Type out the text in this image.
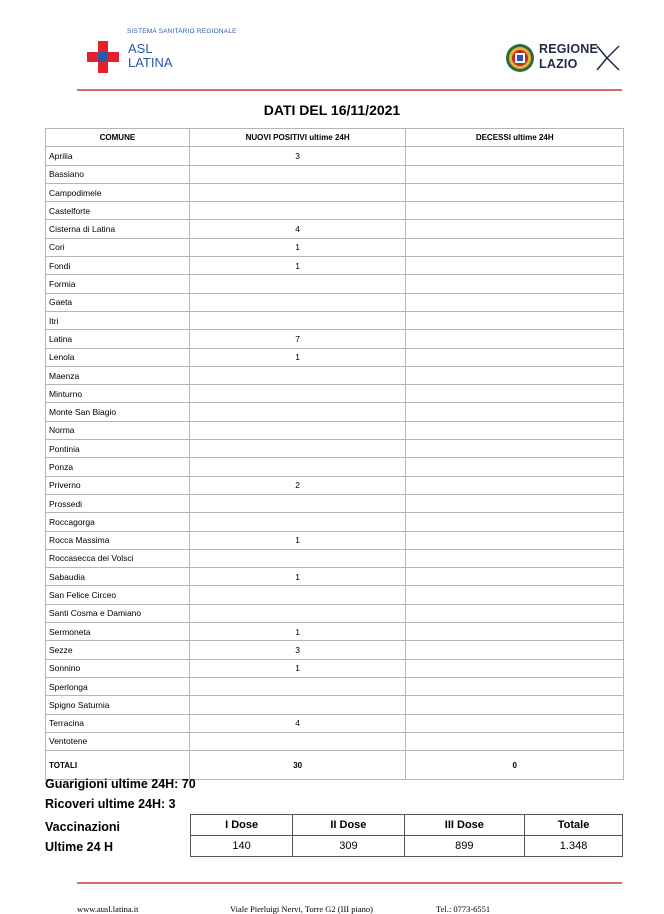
SISTEMA SANITARIO REGIONALE
ASL
LATINA
REGIONE
LAZIO
DATI DEL 16/11/2021
COMUNE	NUOVI POSITIVI ultime 24H	DECESSI ultime 24H
Aprilia	3	
Bassiano		
Campodimele		
Castelforte		
Cisterna di Latina	4	
Cori	1	
Fondi	1	
Formia		
Gaeta		
Itri		
Latina	7	
Lenola	1	
Maenza		
Minturno		
Monte San Biagio		
Norma		
Pontinia		
Ponza		
Priverno	2	
Prossedi		
Roccagorga		
Rocca Massima	1	
Roccasecca dei Volsci		
Sabaudia	1	
San Felice Circeo		
Santi Cosma e Damiano		
Sermoneta	1	
Sezze	3	
Sonnino	1	
Sperlonga		
Spigno Saturnia		
Terracina	4	
Ventotene		
TOTALI	30	0
Guarigioni ultime 24H: 70
Ricoveri ultime 24H: 3
Vaccinazioni
Ultime 24 H
I Dose	II Dose	III Dose	Totale
140	309	899	1.348
www.ausl.latina.it	Viale Pierluigi Nervi, Torre G2 (III piano)	Tel.: 0773-6551
